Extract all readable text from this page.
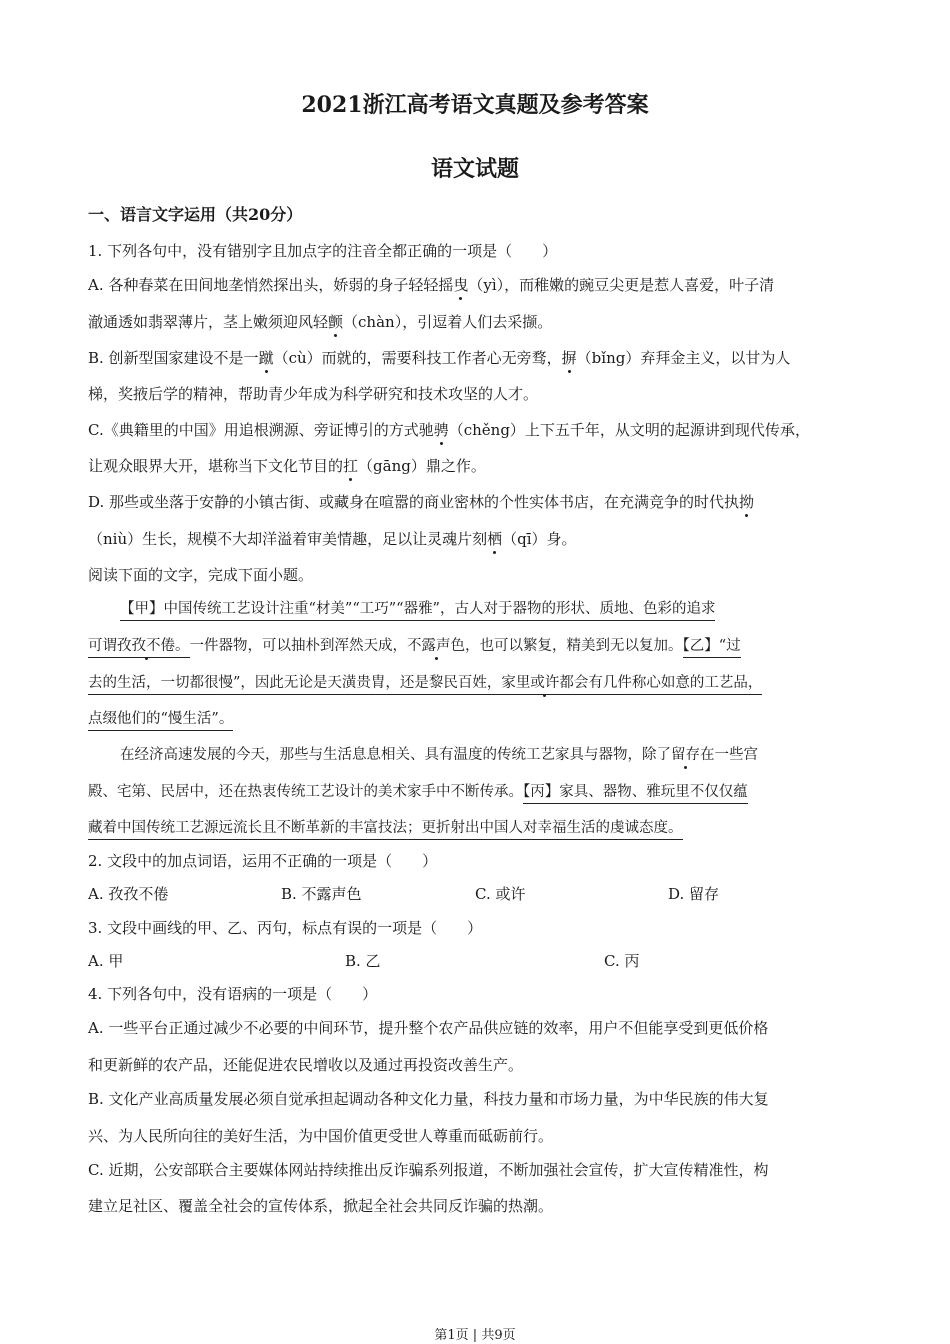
2021浙江高考语文真题及参考答案
语文试题
一、语言文字运用（共20分）
1. 下列各句中，没有错别字且加点字的注音全都正确的一项是（　　）
A. 各种春菜在田间地垄悄然探出头，娇弱的身子轻轻摇曳（yì），而稚嫩的豌豆尖更是惹人喜爱，叶子清
澈通透如翡翠薄片，茎上嫩须迎风轻颤（chàn），引逗着人们去采撷。
B. 创新型国家建设不是一蹴（cù）而就的，需要科技工作者心无旁骛，摒（bǐng）弃拜金主义，以甘为人
梯，奖掖后学的精神，帮助青少年成为科学研究和技术攻坚的人才。
C.《典籍里的中国》用追根溯源、旁证博引的方式驰骋（chěng）上下五千年，从文明的起源讲到现代传承，
让观众眼界大开，堪称当下文化节目的扛（gāng）鼎之作。
D. 那些或坐落于安静的小镇古街、或藏身在喧嚣的商业密林的个性实体书店，在充满竞争的时代执拗
（niù）生长，规模不大却洋溢着审美情趣，足以让灵魂片刻栖（qī）身。
阅读下面的文字，完成下面小题。
【甲】中国传统工艺设计注重“材美”“工巧”“器雅”，古人对于器物的形状、质地、色彩的追求
可谓孜孜不倦。一件器物，可以抽朴到浑然天成，不露声色，也可以繁复，精美到无以复加。【乙】“过
去的生活，一切都很慢”，因此无论是天潢贵胄，还是黎民百姓，家里或许都会有几件称心如意的工艺品，
点缀他们的“慢生活”。
在经济高速发展的今天，那些与生活息息相关、具有温度的传统工艺家具与器物，除了留存在一些宫
殿、宅第、民居中，还在热衷传统工艺设计的美术家手中不断传承。【丙】家具、器物、雅玩里不仅仅蕴
藏着中国传统工艺源远流长且不断革新的丰富技法；更折射出中国人对幸福生活的虔诚态度。
2. 文段中的加点词语，运用不正确的一项是（　　）
A. 孜孜不倦	B. 不露声色	C. 或许	D. 留存
3. 文段中画线的甲、乙、丙句，标点有误的一项是（　　）
A. 甲	B. 乙	C. 丙
4. 下列各句中，没有语病的一项是（　　）
A. 一些平台正通过减少不必要的中间环节，提升整个农产品供应链的效率，用户不但能享受到更低价格
和更新鲜的农产品，还能促进农民增收以及通过再投资改善生产。
B. 文化产业高质量发展必须自觉承担起调动各种文化力量，科技力量和市场力量，为中华民族的伟大复
兴、为人民所向往的美好生活，为中国价值更受世人尊重而砥砺前行。
C. 近期，公安部联合主要媒体网站持续推出反诈骗系列报道，不断加强社会宣传，扩大宣传精准性，构
建立足社区、覆盖全社会的宣传体系，掀起全社会共同反诈骗的热潮。
第1页 | 共9页
